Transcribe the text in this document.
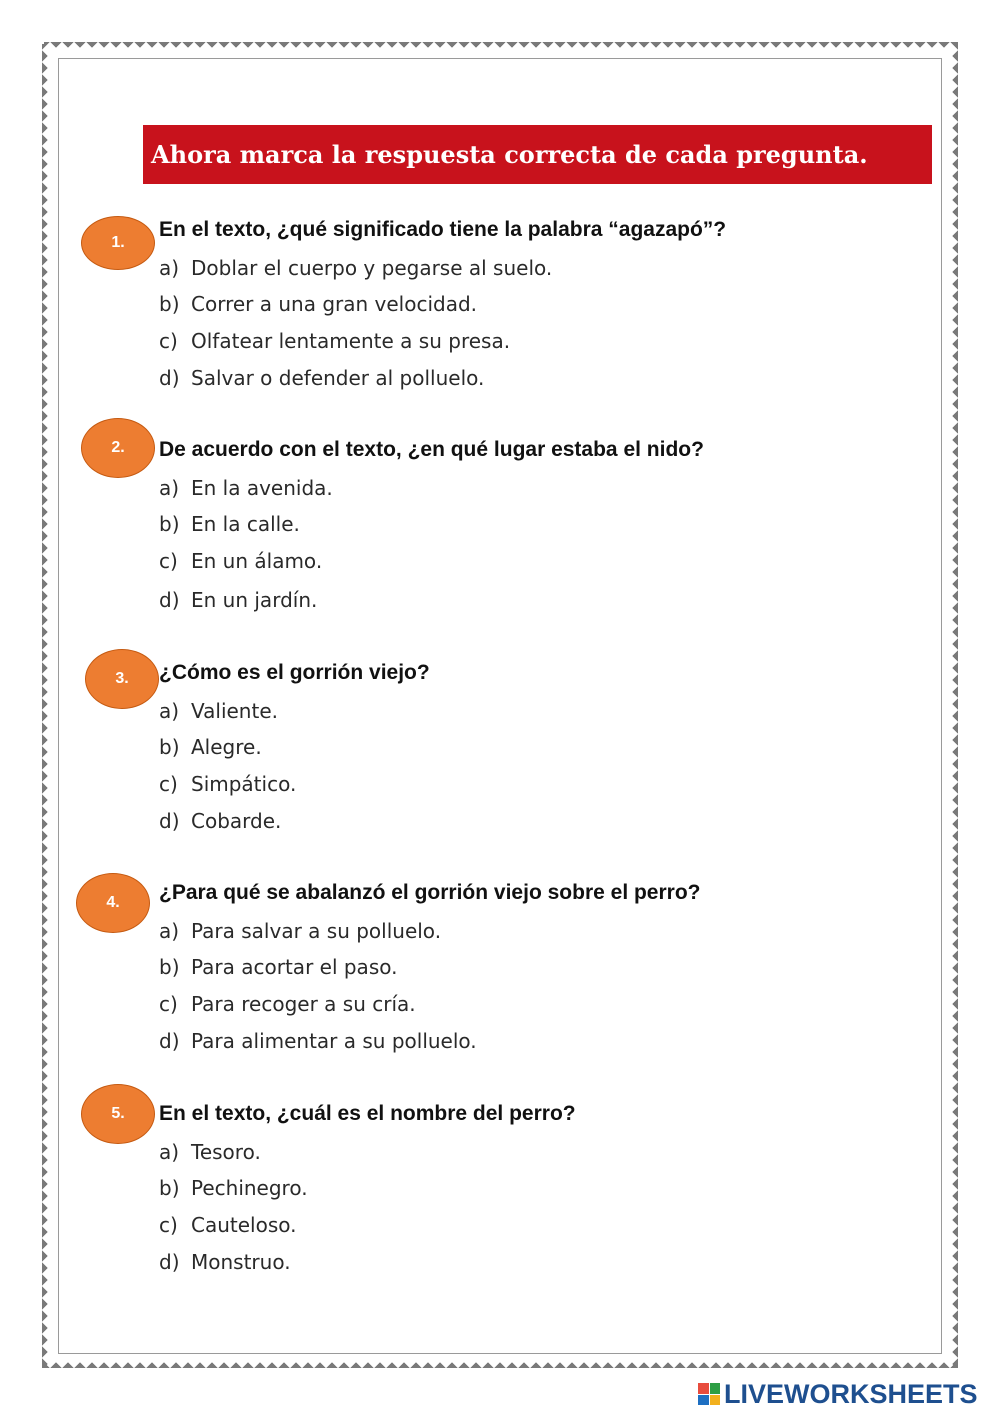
Ahora marca la respuesta correcta de cada pregunta.
1.
En el texto, ¿qué significado tiene la palabra “agazapó”?
a) Doblar el cuerpo y pegarse al suelo.
b) Correr a una gran velocidad.
c) Olfatear lentamente a su presa.
d) Salvar o defender al polluelo.
2.	De acuerdo con el texto, ¿en qué lugar estaba el nido?
a) En la avenida.
b) En la calle.
c) En un álamo.
d) En un jardín.
3.	¿Cómo es el gorrión viejo?
a) Valiente.
b) Alegre.
c) Simpático.
d) Cobarde.
4.	¿Para qué se abalanzó el gorrión viejo sobre el perro?
a) Para salvar a su polluelo.
b) Para acortar el paso.
c) Para recoger a su cría.
d) Para alimentar a su polluelo.
5.	En el texto, ¿cuál es el nombre del perro?
a) Tesoro.
b) Pechinegro.
c) Cauteloso.
d) Monstruo.
LIVEWORKSHEETS
